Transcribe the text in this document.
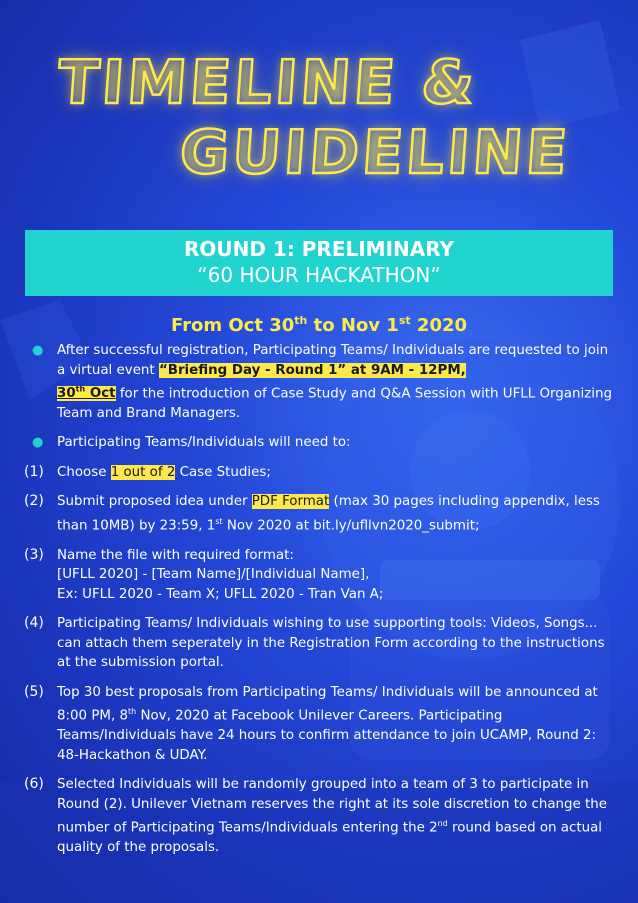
TIMELINE &
GUIDELINE
ROUND 1: PRELIMINARY
“60 HOUR HACKATHON”
From Oct 30th to Nov 1st 2020
●	After successful registration, Participating Teams/ Individuals are requested to join a virtual event “Briefing Day - Round 1” at 9AM - 12PM,
30th Oct for the introduction of Case Study and Q&A Session with UFLL Organizing Team and Brand Managers.
●	Participating Teams/Individuals will need to:
(1) Choose 1 out of 2 Case Studies;
(2) Submit proposed idea under PDF Format (max 30 pages including appendix, less than 10MB) by 23:59, 1st Nov 2020 at bit.ly/ufllvn2020_submit;
(3) Name the file with required format:
[UFLL 2020] - [Team Name]/[Individual Name],
Ex: UFLL 2020 - Team X; UFLL 2020 - Tran Van A;
(4) Participating Teams/ Individuals wishing to use supporting tools: Videos, Songs... can attach them seperately in the Registration Form according to the instructions at the submission portal.
(5) Top 30 best proposals from Participating Teams/ Individuals will be announced at 8:00 PM, 8th Nov, 2020 at Facebook Unilever Careers. Participating Teams/Individuals have 24 hours to confirm attendance to join UCAMP, Round 2: 48-Hackathon & UDAY.
(6) Selected Individuals will be randomly grouped into a team of 3 to participate in Round (2). Unilever Vietnam reserves the right at its sole discretion to change the number of Participating Teams/Individuals entering the 2nd round based on actual quality of the proposals.
